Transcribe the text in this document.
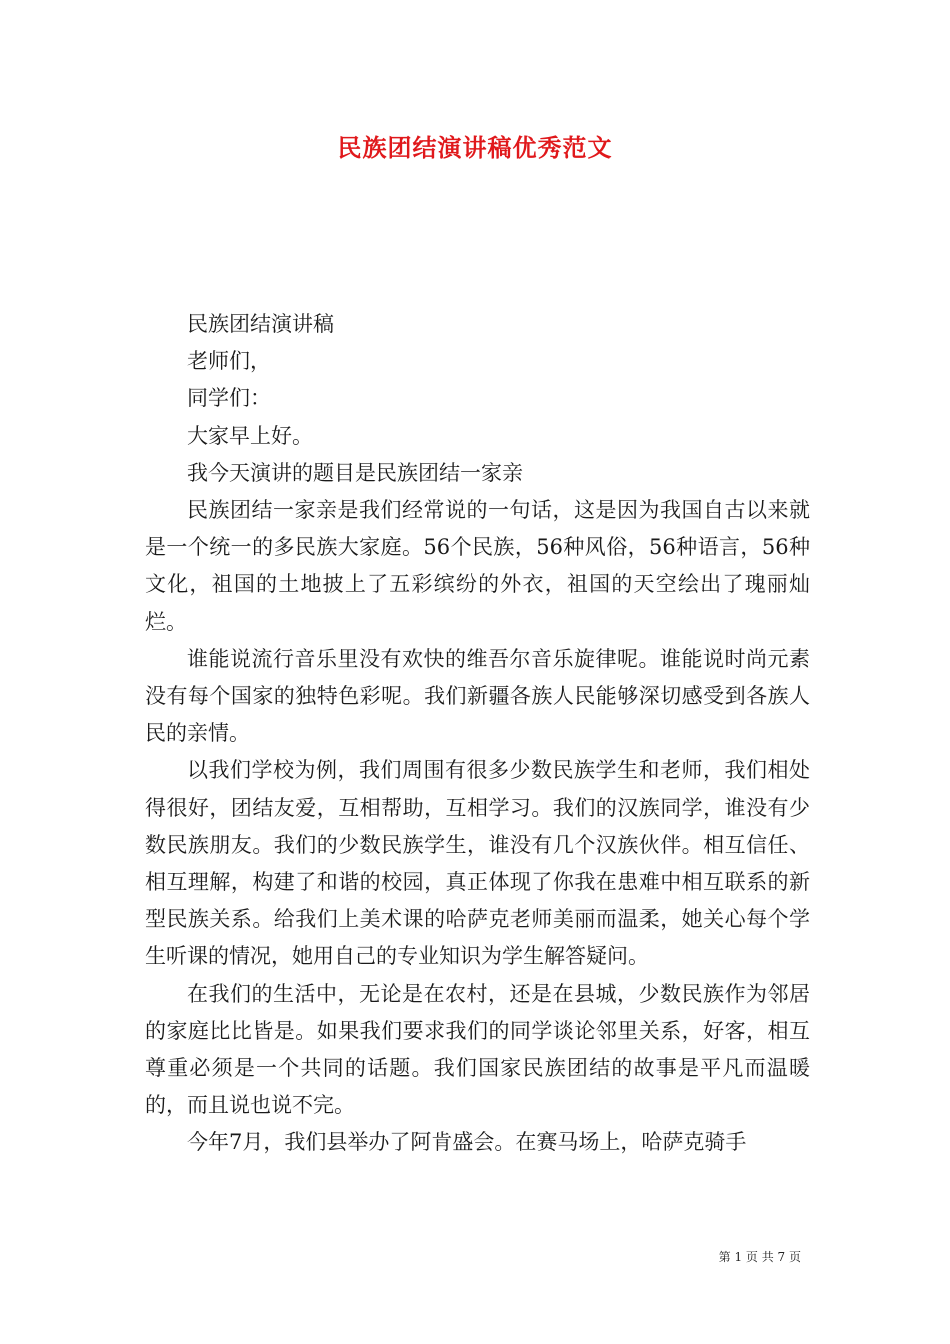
民族团结演讲稿优秀范文

民族团结演讲稿

老师们，

同学们：

大家早上好。

我今天演讲的题目是民族团结一家亲

民族团结一家亲是我们经常说的一句话，这是因为我国自古以来就是一个统一的多民族大家庭。56个民族，56种风俗，56种语言，56种文化，祖国的土地披上了五彩缤纷的外衣，祖国的天空绘出了瑰丽灿烂。

谁能说流行音乐里没有欢快的维吾尔音乐旋律呢。谁能说时尚元素没有每个国家的独特色彩呢。我们新疆各族人民能够深切感受到各族人民的亲情。

以我们学校为例，我们周围有很多少数民族学生和老师，我们相处得很好，团结友爱，互相帮助，互相学习。我们的汉族同学，谁没有少数民族朋友。我们的少数民族学生，谁没有几个汉族伙伴。相互信任、相互理解，构建了和谐的校园，真正体现了你我在患难中相互联系的新型民族关系。给我们上美术课的哈萨克老师美丽而温柔，她关心每个学生听课的情况，她用自己的专业知识为学生解答疑问。

在我们的生活中，无论是在农村，还是在县城，少数民族作为邻居的家庭比比皆是。如果我们要求我们的同学谈论邻里关系，好客，相互尊重必须是一个共同的话题。我们国家民族团结的故事是平凡而温暖的，而且说也说不完。

今年7月，我们县举办了阿肯盛会。在赛马场上，哈萨克骑手

第 1 页 共 7 页
